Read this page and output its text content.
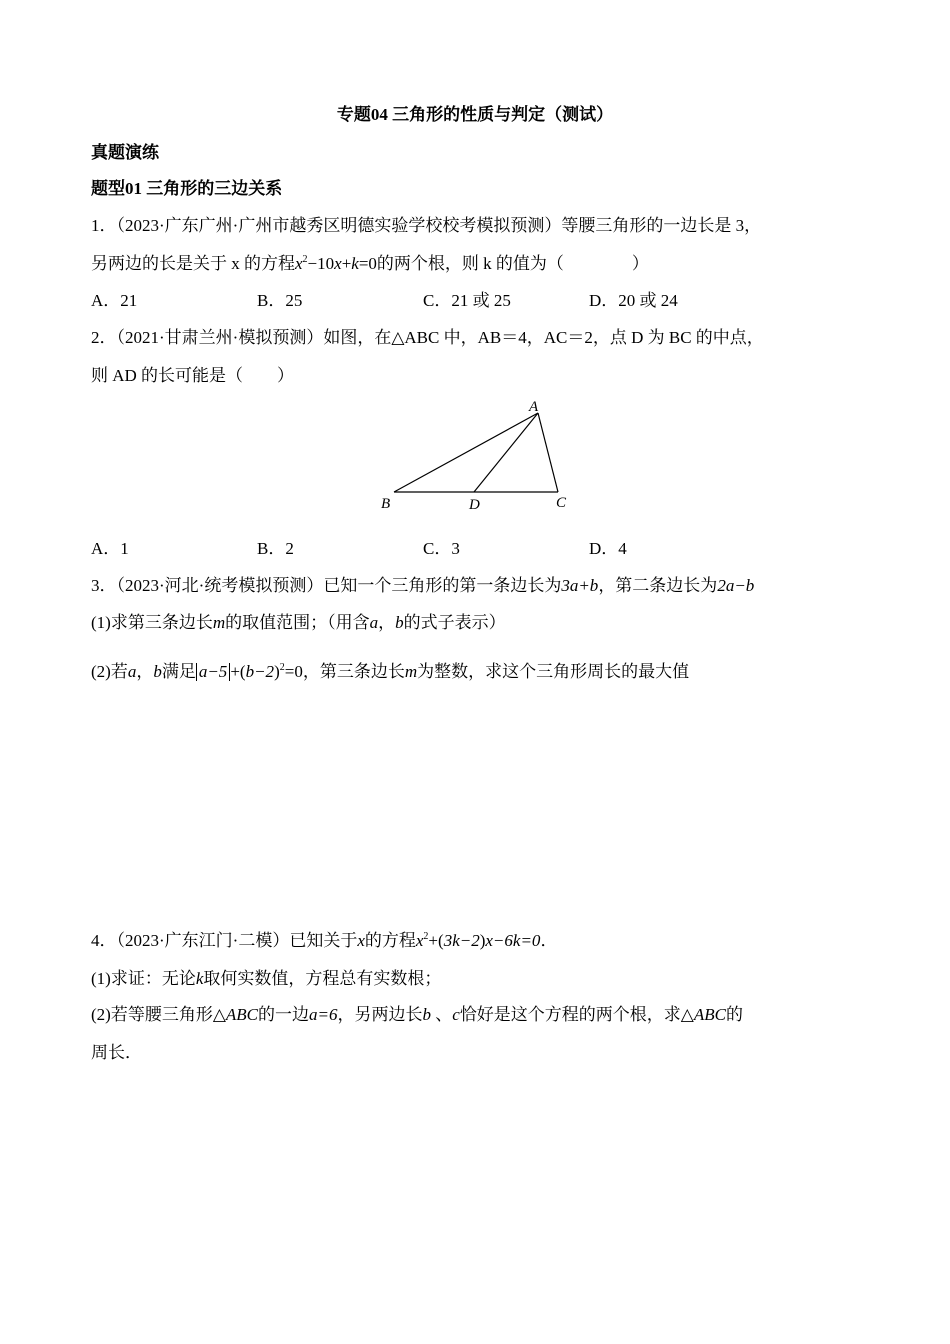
专题04 三角形的性质与判定（测试）
真题演练
题型01 三角形的三边关系
1．（2023·广东广州·广州市越秀区明德实验学校校考模拟预测）等腰三角形的一边长是 3，
另两边的长是关于 x 的方程$x^2-10x+k=0$的两个根，则 k 的值为（　　　　）
A．21	B．25	C．21 或 25	D．20 或 24
2．（2021·甘肃兰州·模拟预测）如图，在△ABC 中，AB＝4，AC＝2，点 D 为 BC 的中点，
则 AD 的长可能是（　　）
A
B	D	C
A．1	B．2	C．3	D．4
3．（2023·河北·统考模拟预测）已知一个三角形的第一条边长为3a+b，第二条边长为2a−b
(1)求第三条边长m的取值范围；（用含a，b的式子表示）
(2)若a，b满足 $a-5 +(b-2)^2=0$，第三条边长m为整数，求这个三角形周长的最大值
4．（2023·广东江门·二模）已知关于x的方程$x^2+(3k-2)x-6k=0$．
(1)求证：无论k取何实数值，方程总有实数根；
(2)若等腰三角形△ABC的一边a=6，另两边长b 、c恰好是这个方程的两个根，求△ABC的
周长．
